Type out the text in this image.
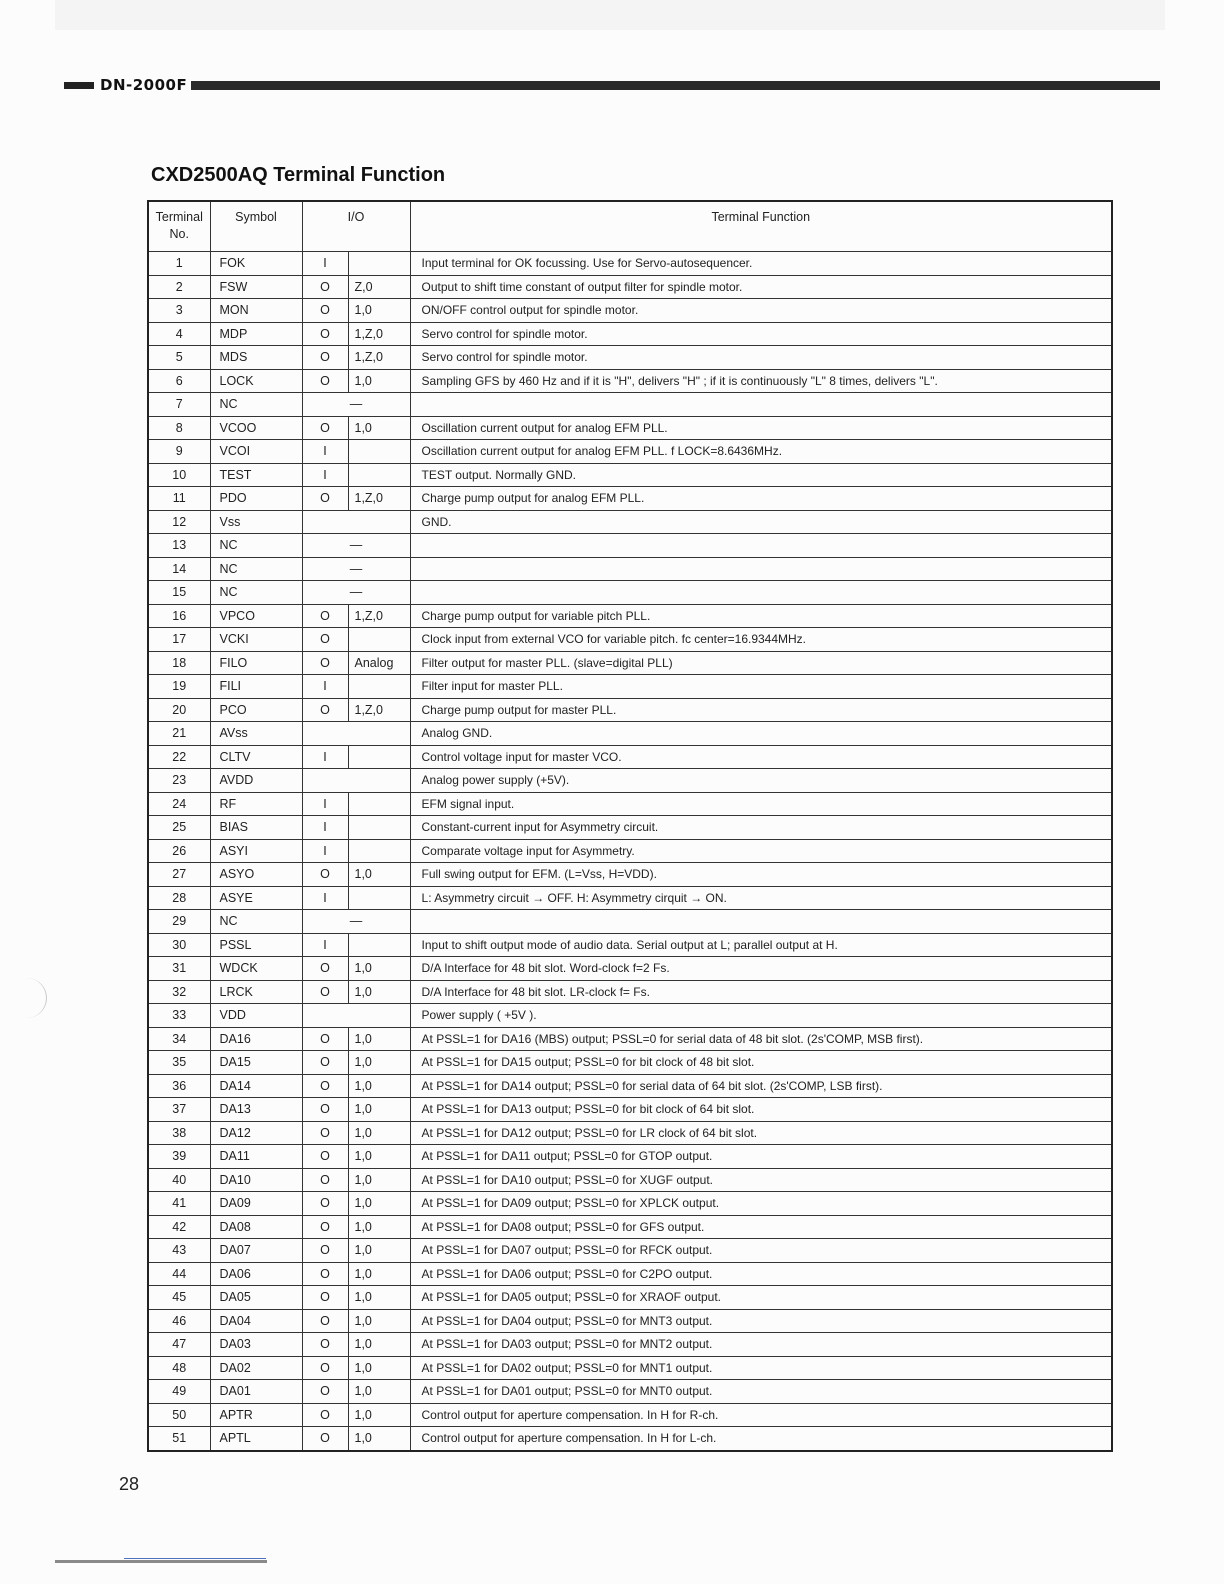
DN-2000F
CXD2500AQ Terminal Function
Terminal
No.	Symbol	I/O		Terminal Function
1	FOK	I		Input terminal for OK focussing. Use for Servo-autosequencer.
2	FSW	O	Z,0	Output to shift time constant of output filter for spindle motor.
3	MON	O	1,0	ON/OFF control output for spindle motor.
4	MDP	O	1,Z,0	Servo control for spindle motor.
5	MDS	O	1,Z,0	Servo control for spindle motor.
6	LOCK	O	1,0	Sampling GFS by 460 Hz and if it is "H", delivers "H" ; if it is continuously "L" 8 times, delivers "L".
7	NC	—		
8	VCOO	O	1,0	Oscillation current output for analog EFM PLL.
9	VCOI	I		Oscillation current output for analog EFM PLL. f LOCK=8.6436MHz.
10	TEST	I		TEST output. Normally GND.
11	PDO	O	1,Z,0	Charge pump output for analog EFM PLL.
12	Vss			GND.
13	NC	—		
14	NC	—		
15	NC	—		
16	VPCO	O	1,Z,0	Charge pump output for variable pitch PLL.
17	VCKI	O		Clock input from external VCO for variable pitch. fc center=16.9344MHz.
18	FILO	O	Analog	Filter output for master PLL. (slave=digital PLL)
19	FILI	I		Filter input for master PLL.
20	PCO	O	1,Z,0	Charge pump output for master PLL.
21	AVss			Analog GND.
22	CLTV	I		Control voltage input for master VCO.
23	AVDD			Analog power supply (+5V).
24	RF	I		EFM signal input.
25	BIAS	I		Constant-current input for Asymmetry circuit.
26	ASYI	I		Comparate voltage input for Asymmetry.
27	ASYO	O	1,0	Full swing output for EFM. (L=Vss, H=VDD).
28	ASYE	I		L: Asymmetry circuit → OFF. H: Asymmetry cirquit → ON.
29	NC	—		
30	PSSL	I		Input to shift output mode of audio data. Serial output at L; parallel output at H.
31	WDCK	O	1,0	D/A Interface for 48 bit slot. Word-clock f=2 Fs.
32	LRCK	O	1,0	D/A Interface for 48 bit slot. LR-clock f= Fs.
33	VDD			Power supply ( +5V ).
34	DA16	O	1,0	At PSSL=1 for DA16 (MBS) output; PSSL=0 for serial data of 48 bit slot. (2s'COMP, MSB first).
35	DA15	O	1,0	At PSSL=1 for DA15 output; PSSL=0 for bit clock of 48 bit slot.
36	DA14	O	1,0	At PSSL=1 for DA14 output; PSSL=0 for serial data of 64 bit slot. (2s'COMP, LSB first).
37	DA13	O	1,0	At PSSL=1 for DA13 output; PSSL=0 for bit clock of 64 bit slot.
38	DA12	O	1,0	At PSSL=1 for DA12 output; PSSL=0 for LR clock of 64 bit slot.
39	DA11	O	1,0	At PSSL=1 for DA11 output; PSSL=0 for GTOP output.
40	DA10	O	1,0	At PSSL=1 for DA10 output; PSSL=0 for XUGF output.
41	DA09	O	1,0	At PSSL=1 for DA09 output; PSSL=0 for XPLCK output.
42	DA08	O	1,0	At PSSL=1 for DA08 output; PSSL=0 for GFS output.
43	DA07	O	1,0	At PSSL=1 for DA07 output; PSSL=0 for RFCK output.
44	DA06	O	1,0	At PSSL=1 for DA06 output; PSSL=0 for C2PO output.
45	DA05	O	1,0	At PSSL=1 for DA05 output; PSSL=0 for XRAOF output.
46	DA04	O	1,0	At PSSL=1 for DA04 output; PSSL=0 for MNT3 output.
47	DA03	O	1,0	At PSSL=1 for DA03 output; PSSL=0 for MNT2 output.
48	DA02	O	1,0	At PSSL=1 for DA02 output; PSSL=0 for MNT1 output.
49	DA01	O	1,0	At PSSL=1 for DA01 output; PSSL=0 for MNT0 output.
50	APTR	O	1,0	Control output for aperture compensation. In H for R-ch.
51	APTL	O	1,0	Control output for aperture compensation. In H for L-ch.
28
